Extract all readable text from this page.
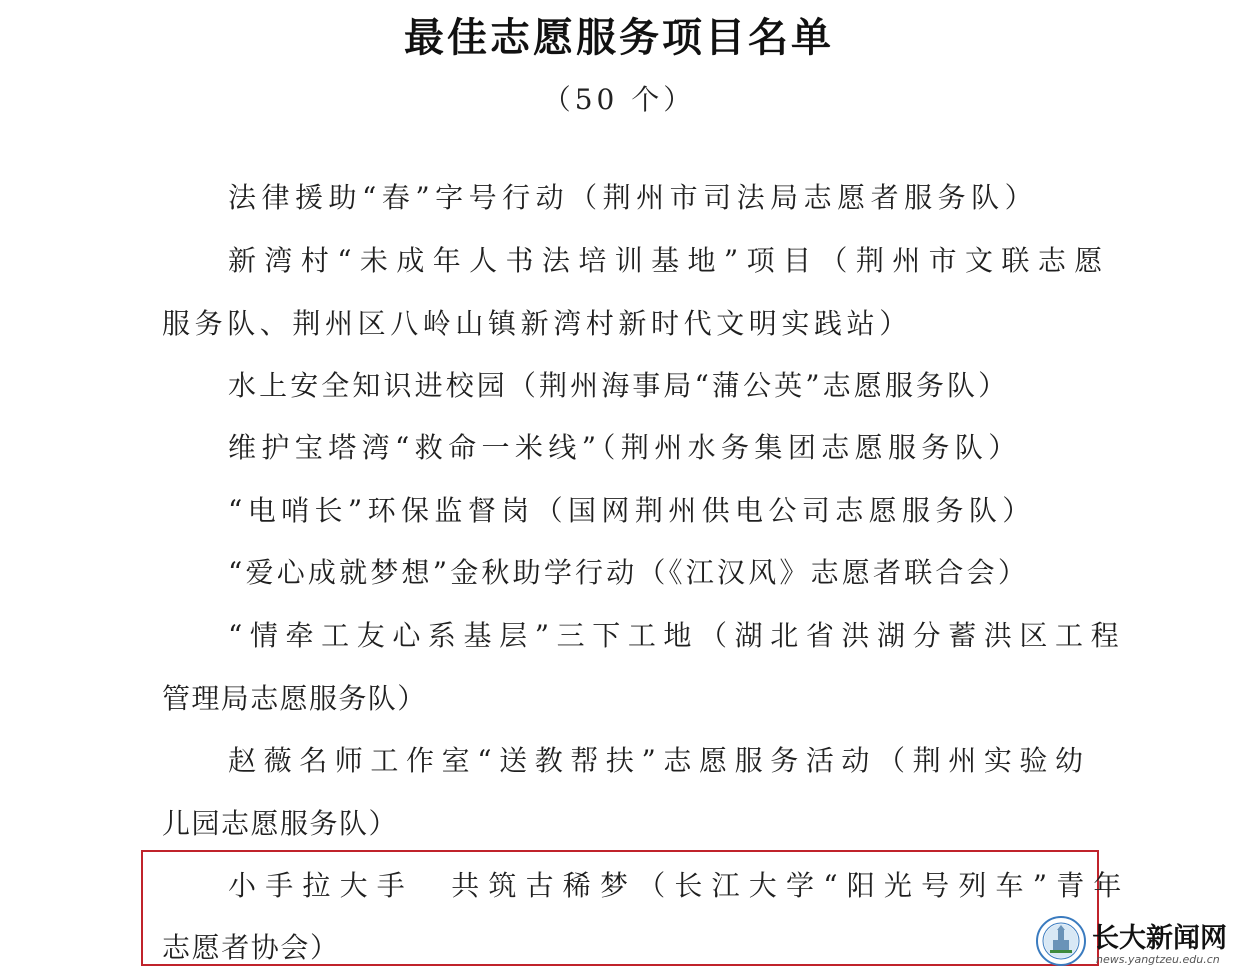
最佳志愿服务项目名单
（50 个）
法律援助“春”字号行动（荆州市司法局志愿者服务队）
新湾村“未成年人书法培训基地”项目（荆州市文联志愿
服务队、荆州区八岭山镇新湾村新时代文明实践站）
水上安全知识进校园（荆州海事局“蒲公英”志愿服务队）
维护宝塔湾“救命一米线”（荆州水务集团志愿服务队）
“电哨长”环保监督岗（国网荆州供电公司志愿服务队）
“爱心成就梦想”金秋助学行动（《江汉风》志愿者联合会）
“情牵工友心系基层”三下工地（湖北省洪湖分蓄洪区工程
管理局志愿服务队）
赵薇名师工作室“送教帮扶”志愿服务活动（荆州实验幼
儿园志愿服务队）
小手拉大手　共筑古稀梦（长江大学“阳光号列车”青年
志愿者协会）	长大新闻网
news.yangtzeu.edu.cn
